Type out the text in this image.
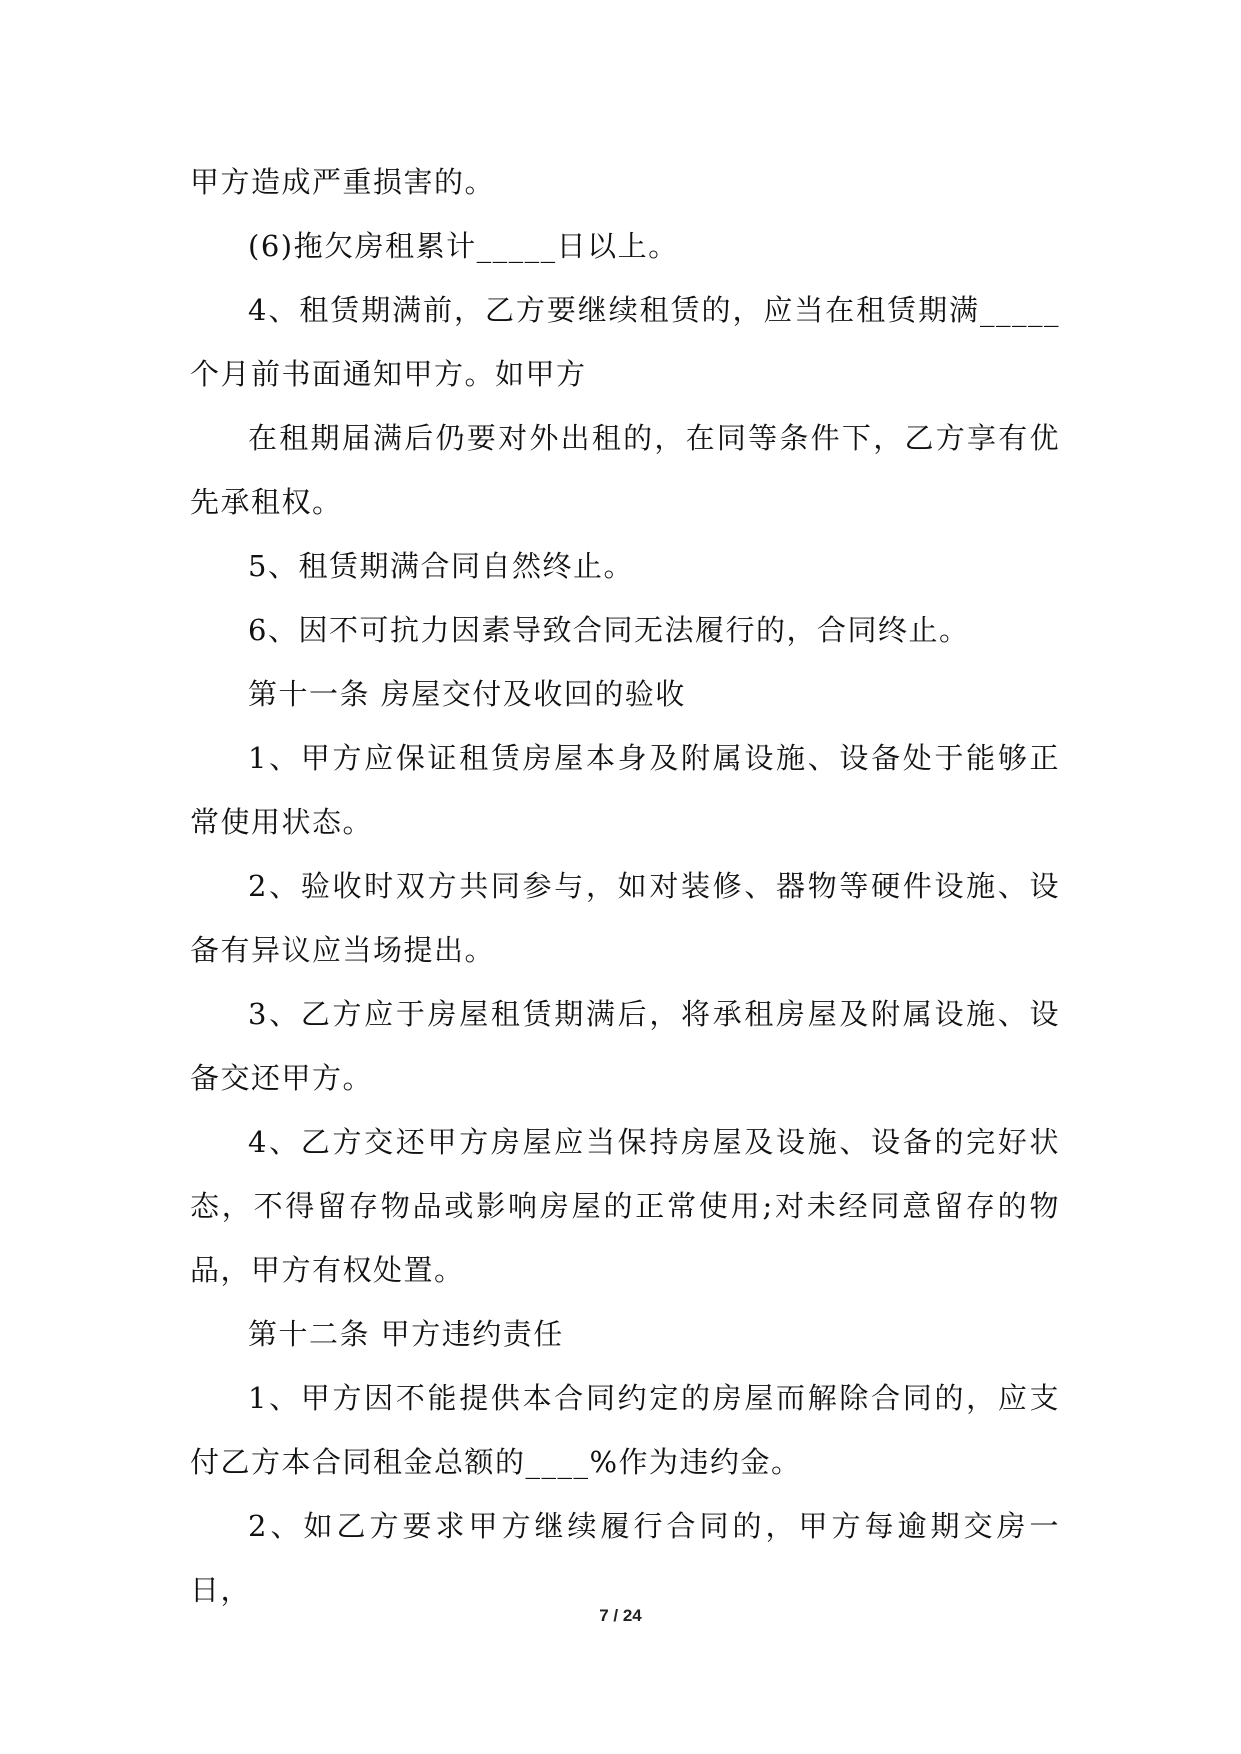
甲方造成严重损害的。

(6)拖欠房租累计_____日以上。

4、租赁期满前，乙方要继续租赁的，应当在租赁期满_____个月前书面通知甲方。如甲方

在租期届满后仍要对外出租的，在同等条件下，乙方享有优先承租权。

5、租赁期满合同自然终止。

6、因不可抗力因素导致合同无法履行的，合同终止。

第十一条 房屋交付及收回的验收

1、甲方应保证租赁房屋本身及附属设施、设备处于能够正常使用状态。

2、验收时双方共同参与，如对装修、器物等硬件设施、设备有异议应当场提出。

3、乙方应于房屋租赁期满后，将承租房屋及附属设施、设备交还甲方。

4、乙方交还甲方房屋应当保持房屋及设施、设备的完好状态，不得留存物品或影响房屋的正常使用;对未经同意留存的物品，甲方有权处置。

第十二条 甲方违约责任

1、甲方因不能提供本合同约定的房屋而解除合同的，应支付乙方本合同租金总额的____%作为违约金。

2、如乙方要求甲方继续履行合同的，甲方每逾期交房一日，

7 / 24
